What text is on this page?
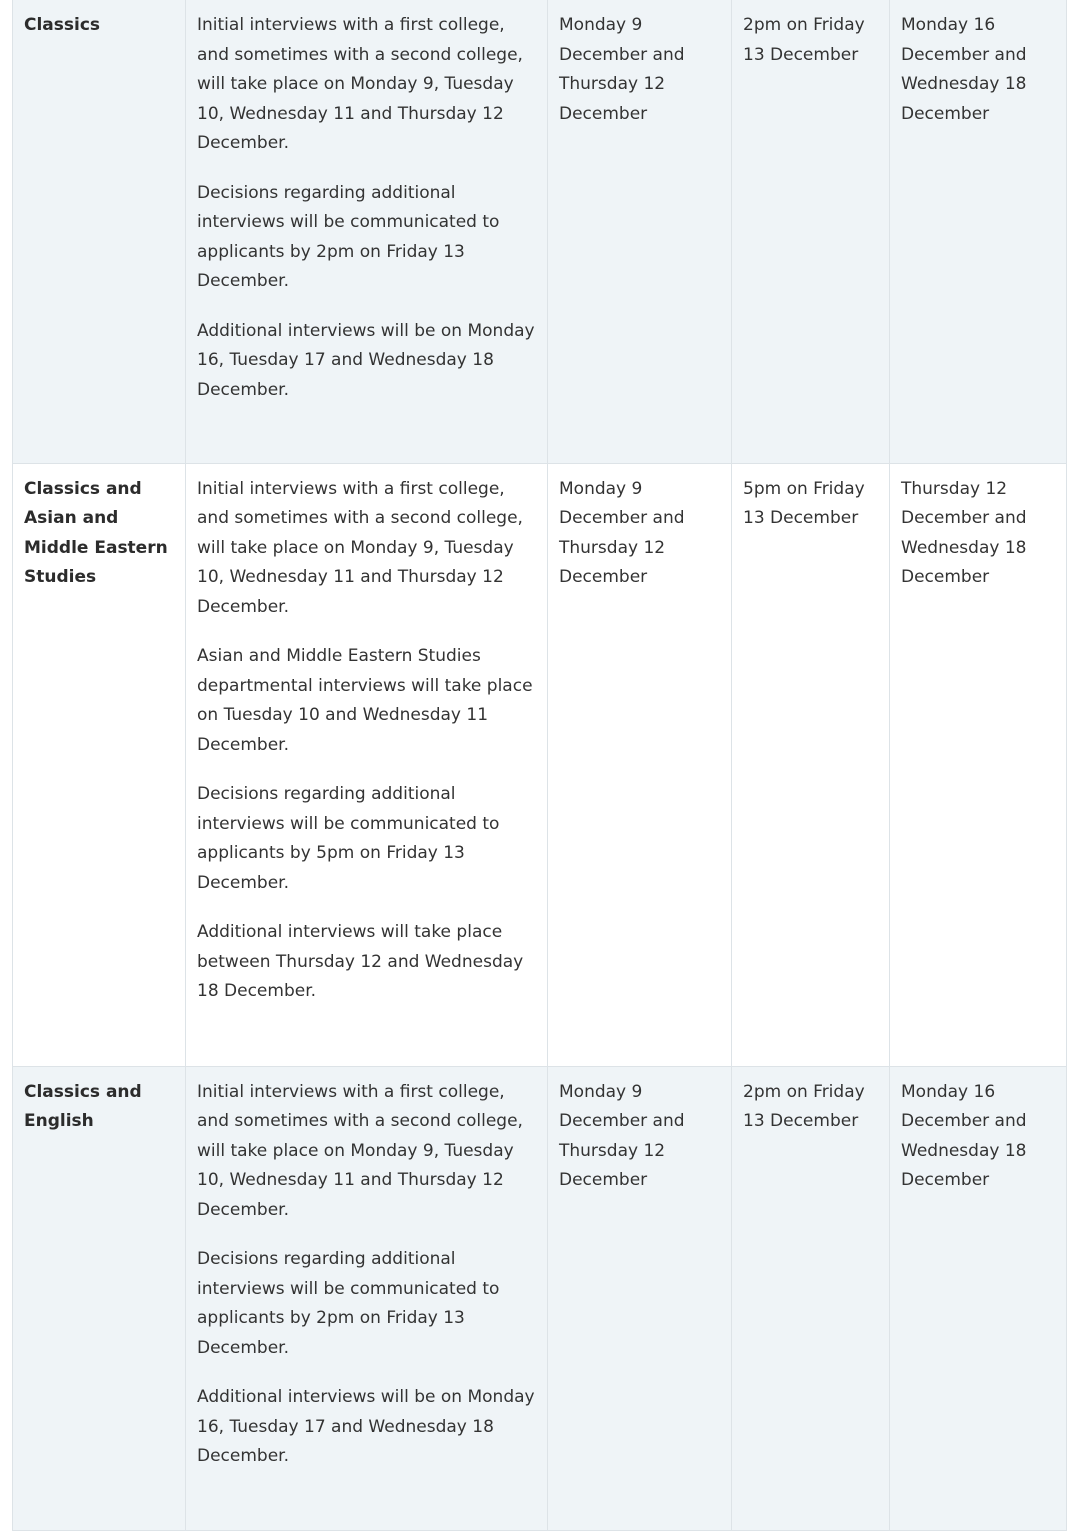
Classics	Initial interviews with a first college, and sometimes with a second college, will take place on Monday 9, Tuesday 10, Wednesday 11 and Thursday 12 December.

Decisions regarding additional interviews will be communicated to applicants by 2pm on Friday 13 December.

Additional interviews will be on Monday 16, Tuesday 17 and Wednesday 18 December.	Monday 9 December and Thursday 12 December	2pm on Friday 13 December	Monday 16 December and Wednesday 18 December
Classics and Asian and Middle Eastern Studies	Initial interviews with a first college, and sometimes with a second college, will take place on Monday 9, Tuesday 10, Wednesday 11 and Thursday 12 December.

Asian and Middle Eastern Studies departmental interviews will take place on Tuesday 10 and Wednesday 11 December.

Decisions regarding additional interviews will be communicated to applicants by 5pm on Friday 13 December.

Additional interviews will take place between Thursday 12 and Wednesday 18 December.	Monday 9 December and Thursday 12 December	5pm on Friday 13 December	Thursday 12 December and Wednesday 18 December
Classics and English	Initial interviews with a first college, and sometimes with a second college, will take place on Monday 9, Tuesday 10, Wednesday 11 and Thursday 12 December.

Decisions regarding additional interviews will be communicated to applicants by 2pm on Friday 13 December.

Additional interviews will be on Monday 16, Tuesday 17 and Wednesday 18 December.	Monday 9 December and Thursday 12 December	2pm on Friday 13 December	Monday 16 December and Wednesday 18 December
